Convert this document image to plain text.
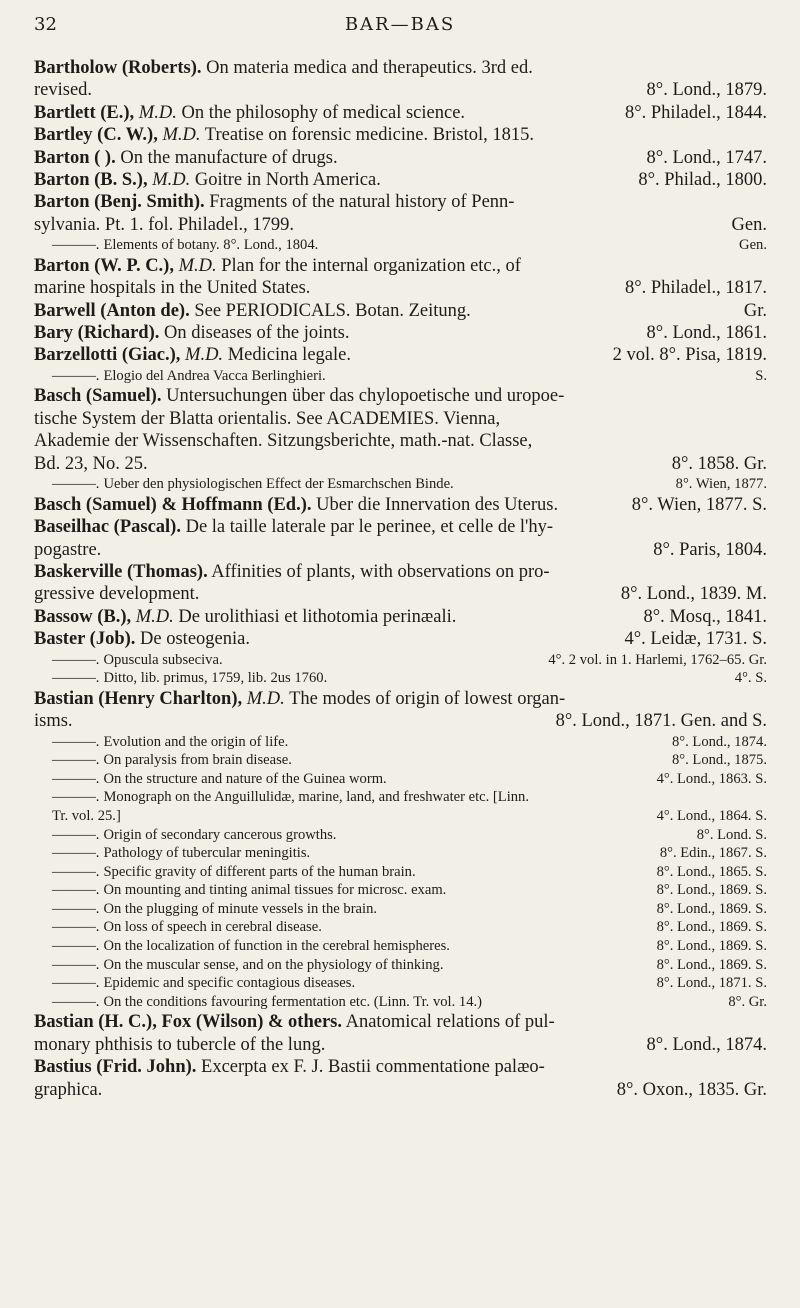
32	BAR—BAS
Bartholow (Roberts). On materia medica and therapeutics. 3rd ed.
revised.	8°. Lond., 1879.
Bartlett (E.), M.D. On the philosophy of medical science.	8°. Philadel., 1844.
Bartley (C. W.), M.D. Treatise on forensic medicine. Bristol, 1815.
Barton ( ). On the manufacture of drugs.	8°. Lond., 1747.
Barton (B. S.), M.D. Goitre in North America.	8°. Philad., 1800.
Barton (Benj. Smith). Fragments of the natural history of Penn-
sylvania. Pt. 1. fol. Philadel., 1799.	Gen.
———. Elements of botany. 8°. Lond., 1804.	Gen.
Barton (W. P. C.), M.D. Plan for the internal organization etc., of
marine hospitals in the United States.	8°. Philadel., 1817.
Barwell (Anton de). See PERIODICALS. Botan. Zeitung.	Gr.
Bary (Richard). On diseases of the joints.	8°. Lond., 1861.
Barzellotti (Giac.), M.D. Medicina legale.	2 vol. 8°. Pisa, 1819.
———. Elogio del Andrea Vacca Berlinghieri.	S.
Basch (Samuel). Untersuchungen über das chylopoetische und uropoe-
tische System der Blatta orientalis. See ACADEMIES. Vienna,
Akademie der Wissenschaften. Sitzungsberichte, math.-nat. Classe,
Bd. 23, No. 25.	8°. 1858. Gr.
———. Ueber den physiologischen Effect der Esmarchschen Binde.	8°. Wien, 1877.
Basch (Samuel) & Hoffmann (Ed.). Uber die Innervation des Uterus.	8°. Wien, 1877. S.
Baseilhac (Pascal). De la taille laterale par le perinee, et celle de l'hy-
pogastre.	8°. Paris, 1804.
Baskerville (Thomas). Affinities of plants, with observations on pro-
gressive development.	8°. Lond., 1839. M.
Bassow (B.), M.D. De urolithiasi et lithotomia perinæali.	8°. Mosq., 1841.
Baster (Job). De osteogenia.	4°. Leidæ, 1731. S.
———. Opuscula subseciva.	4°. 2 vol. in 1. Harlemi, 1762–65. Gr.
———. Ditto, lib. primus, 1759, lib. 2us 1760.	4°. S.
Bastian (Henry Charlton), M.D. The modes of origin of lowest organ-
isms.	8°. Lond., 1871. Gen. and S.
———. Evolution and the origin of life.	8°. Lond., 1874.
———. On paralysis from brain disease.	8°. Lond., 1875.
———. On the structure and nature of the Guinea worm.	4°. Lond., 1863. S.
———. Monograph on the Anguillulidæ, marine, land, and freshwater etc. [Linn.
Tr. vol. 25.]	4°. Lond., 1864. S.
———. Origin of secondary cancerous growths.	8°. Lond. S.
———. Pathology of tubercular meningitis.	8°. Edin., 1867. S.
———. Specific gravity of different parts of the human brain.	8°. Lond., 1865. S.
———. On mounting and tinting animal tissues for microsc. exam.	8°. Lond., 1869. S.
———. On the plugging of minute vessels in the brain.	8°. Lond., 1869. S.
———. On loss of speech in cerebral disease.	8°. Lond., 1869. S.
———. On the localization of function in the cerebral hemispheres.	8°. Lond., 1869. S.
———. On the muscular sense, and on the physiology of thinking.	8°. Lond., 1869. S.
———. Epidemic and specific contagious diseases.	8°. Lond., 1871. S.
———. On the conditions favouring fermentation etc. (Linn. Tr. vol. 14.)	8°. Gr.
Bastian (H. C.), Fox (Wilson) & others. Anatomical relations of pul-
monary phthisis to tubercle of the lung.	8°. Lond., 1874.
Bastius (Frid. John). Excerpta ex F. J. Bastii commentatione palæo-
graphica.	8°. Oxon., 1835. Gr.
